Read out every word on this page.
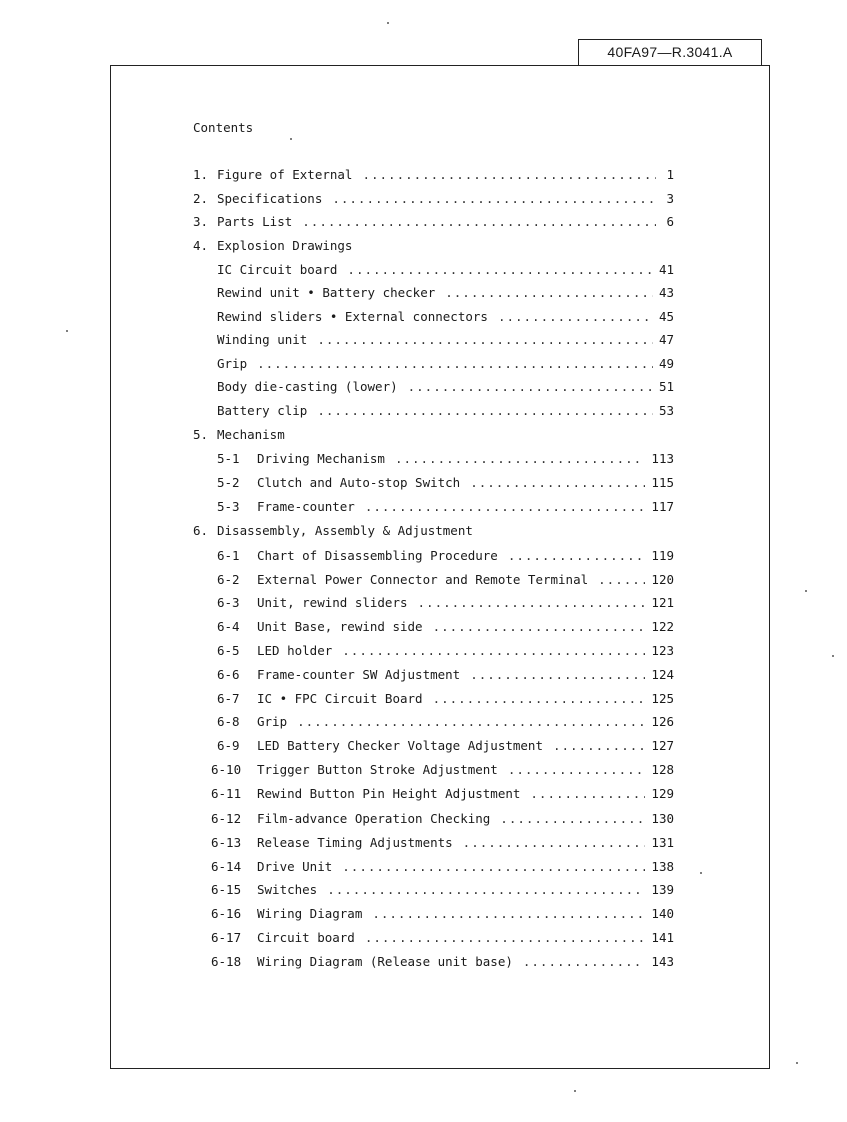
40FA97—R.3041.A
Contents
1. Figure of External .....	1
2. Specifications .....	3
3. Parts List .....	6
4. Explosion Drawings
IC Circuit board .....	41
Rewind unit • Battery checker .....	43
Rewind sliders • External connectors .....	45
Winding unit .....	47
Grip .....	49
Body die-casting (lower) .....	51
Battery clip .....	53
5. Mechanism
5-1	Driving Mechanism .....	113
5-2	Clutch and Auto-stop Switch .....	115
5-3	Frame-counter .....	117
6. Disassembly, Assembly & Adjustment
6-1	Chart of Disassembling Procedure .....	119
6-2	External Power Connector and Remote Terminal .....	120
6-3	Unit, rewind sliders .....	121
6-4	Unit Base, rewind side .....	122
6-5	LED holder .....	123
6-6	Frame-counter SW Adjustment .....	124
6-7	IC • FPC Circuit Board .....	125
6-8	Grip .....	126
6-9	LED Battery Checker Voltage Adjustment .....	127
6-10	Trigger Button Stroke Adjustment .....	128
6-11	Rewind Button Pin Height Adjustment .....	129
6-12	Film-advance Operation Checking .....	130
6-13	Release Timing Adjustments .....	131
6-14	Drive Unit .....	138
6-15	Switches .....	139
6-16	Wiring Diagram .....	140
6-17	Circuit board .....	141
6-18	Wiring Diagram (Release unit base) .....	143
